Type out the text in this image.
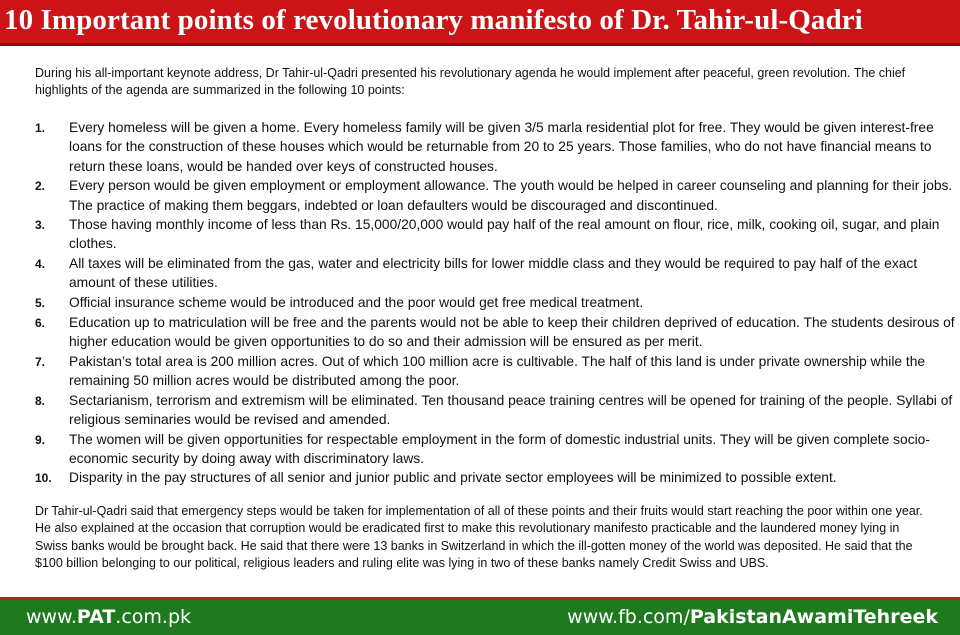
10 Important points of revolutionary manifesto of Dr. Tahir-ul-Qadri
During his all-important keynote address, Dr Tahir-ul-Qadri presented his revolutionary agenda he would implement after peaceful, green revolution. The chief highlights of the agenda are summarized in the following 10 points:
1.	Every homeless will be given a home. Every homeless family will be given 3/5 marla residential plot for free. They would be given interest-free loans for the construction of these houses which would be returnable from 20 to 25 years. Those families, who do not have financial means to return these loans, would be handed over keys of constructed houses.
2.	Every person would be given employment or employment allowance. The youth would be helped in career counseling and planning for their jobs. The practice of making them beggars, indebted or loan defaulters would be discouraged and discontinued.
3.	Those having monthly income of less than Rs. 15,000/20,000 would pay half of the real amount on flour, rice, milk, cooking oil, sugar, and plain clothes.
4.	All taxes will be eliminated from the gas, water and electricity bills for lower middle class and they would be required to pay half of the exact amount of these utilities.
5.	Official insurance scheme would be introduced and the poor would get free medical treatment.
6.	Education up to matriculation will be free and the parents would not be able to keep their children deprived of education. The students desirous of higher education would be given opportunities to do so and their admission will be ensured as per merit.
7.	Pakistan’s total area is 200 million acres. Out of which 100 million acre is cultivable. The half of this land is under private ownership while the remaining 50 million acres would be distributed among the poor.
8.	Sectarianism, terrorism and extremism will be eliminated. Ten thousand peace training centres will be opened for training of the people. Syllabi of religious seminaries would be revised and amended.
9.	The women will be given opportunities for respectable employment in the form of domestic industrial units. They will be given complete socio-economic security by doing away with discriminatory laws.
10.	Disparity in the pay structures of all senior and junior public and private sector employees will be minimized to possible extent.
Dr Tahir-ul-Qadri said that emergency steps would be taken for implementation of all of these points and their fruits would start reaching the poor within one year. He also explained at the occasion that corruption would be eradicated first to make this revolutionary manifesto practicable and the laundered money lying in Swiss banks would be brought back. He said that there were 13 banks in Switzerland in which the ill-gotten money of the world was deposited. He said that the $100 billion belonging to our political, religious leaders and ruling elite was lying in two of these banks namely Credit Swiss and UBS.
www.PAT.com.pk	www.fb.com/PakistanAwamiTehreek
